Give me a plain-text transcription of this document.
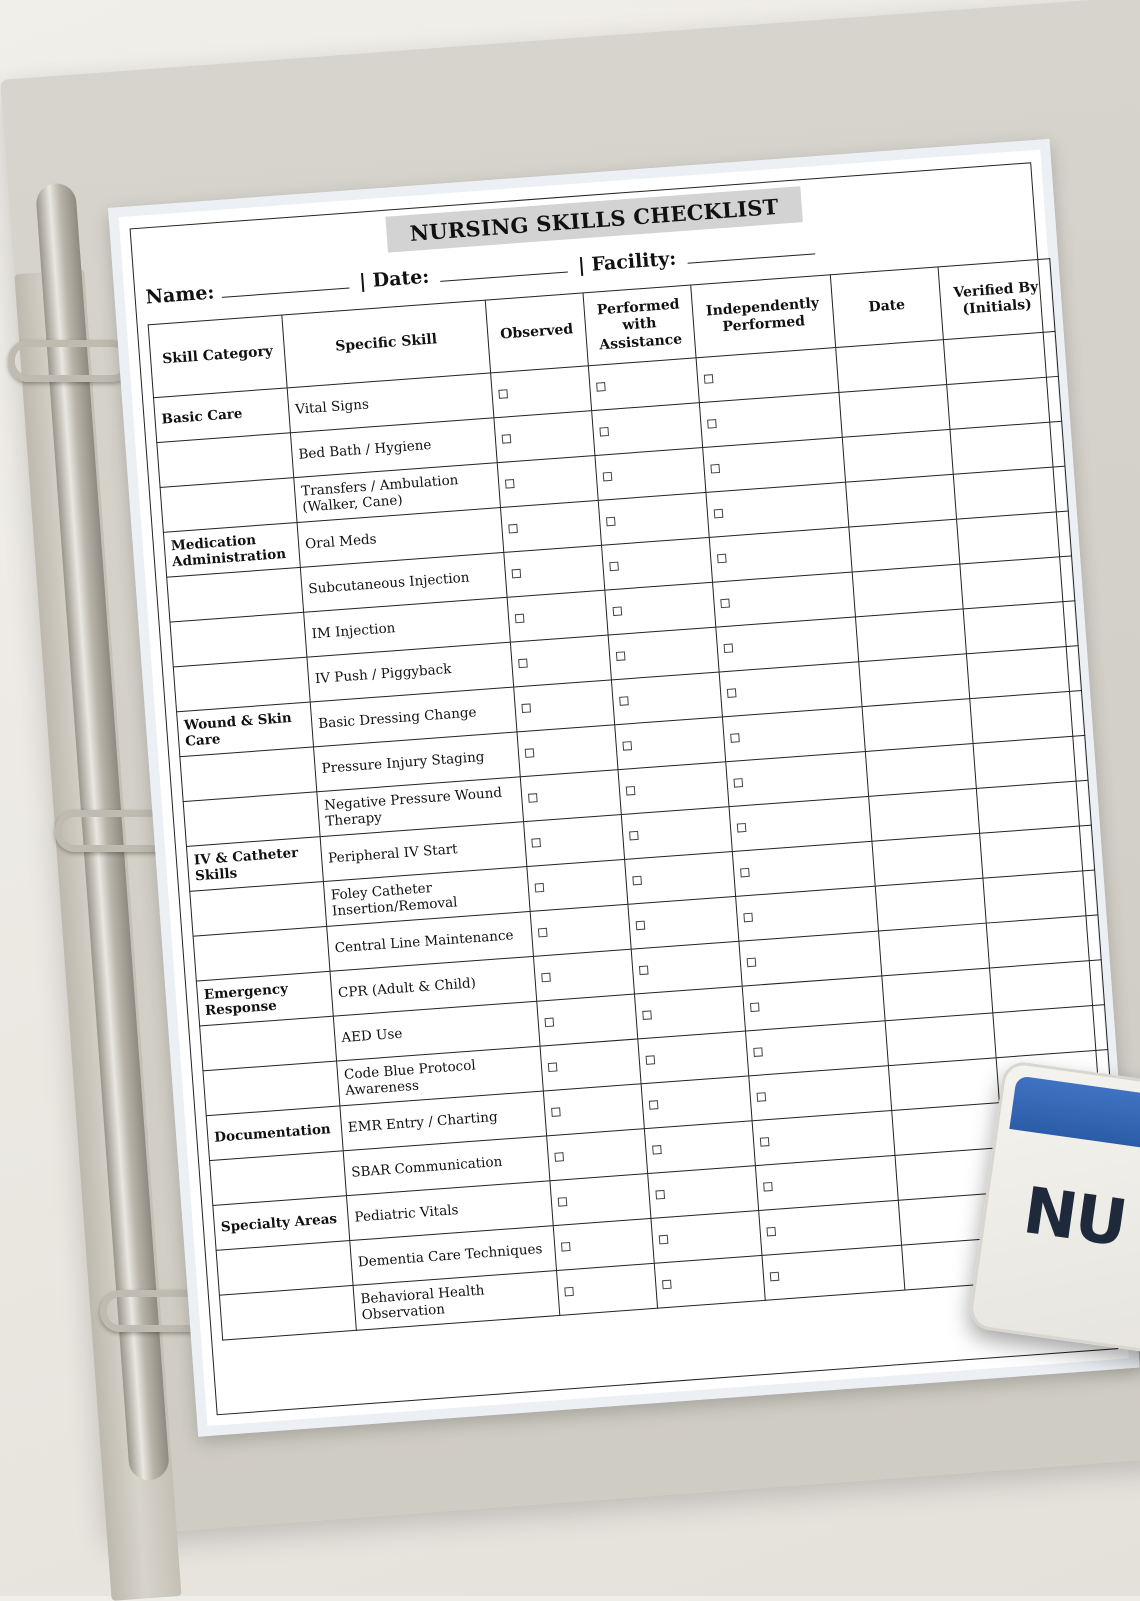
NURSING SKILLS CHECKLIST
Name:  | Date:  | Facility:
Skill Category	Specific Skill	Observed	Performed with Assistance	Independently Performed	Date	Verified By (Initials)
Basic Care	Vital Signs					
	Bed Bath / Hygiene					
	Transfers / Ambulation (Walker, Cane)					
Medication Administration	Oral Meds					
	Subcutaneous Injection					
	IM Injection					
	IV Push / Piggyback					
Wound & Skin Care	Basic Dressing Change					
	Pressure Injury Staging					
	Negative Pressure Wound Therapy					
IV & Catheter Skills	Peripheral IV Start					
	Foley Catheter Insertion/Removal					
	Central Line Maintenance					
Emergency Response	CPR (Adult & Child)					
	AED Use					
	Code Blue Protocol Awareness					
Documentation	EMR Entry / Charting					
	SBAR Communication					
Specialty Areas	Pediatric Vitals					
	Dementia Care Techniques					
	Behavioral Health Observation					
NU
